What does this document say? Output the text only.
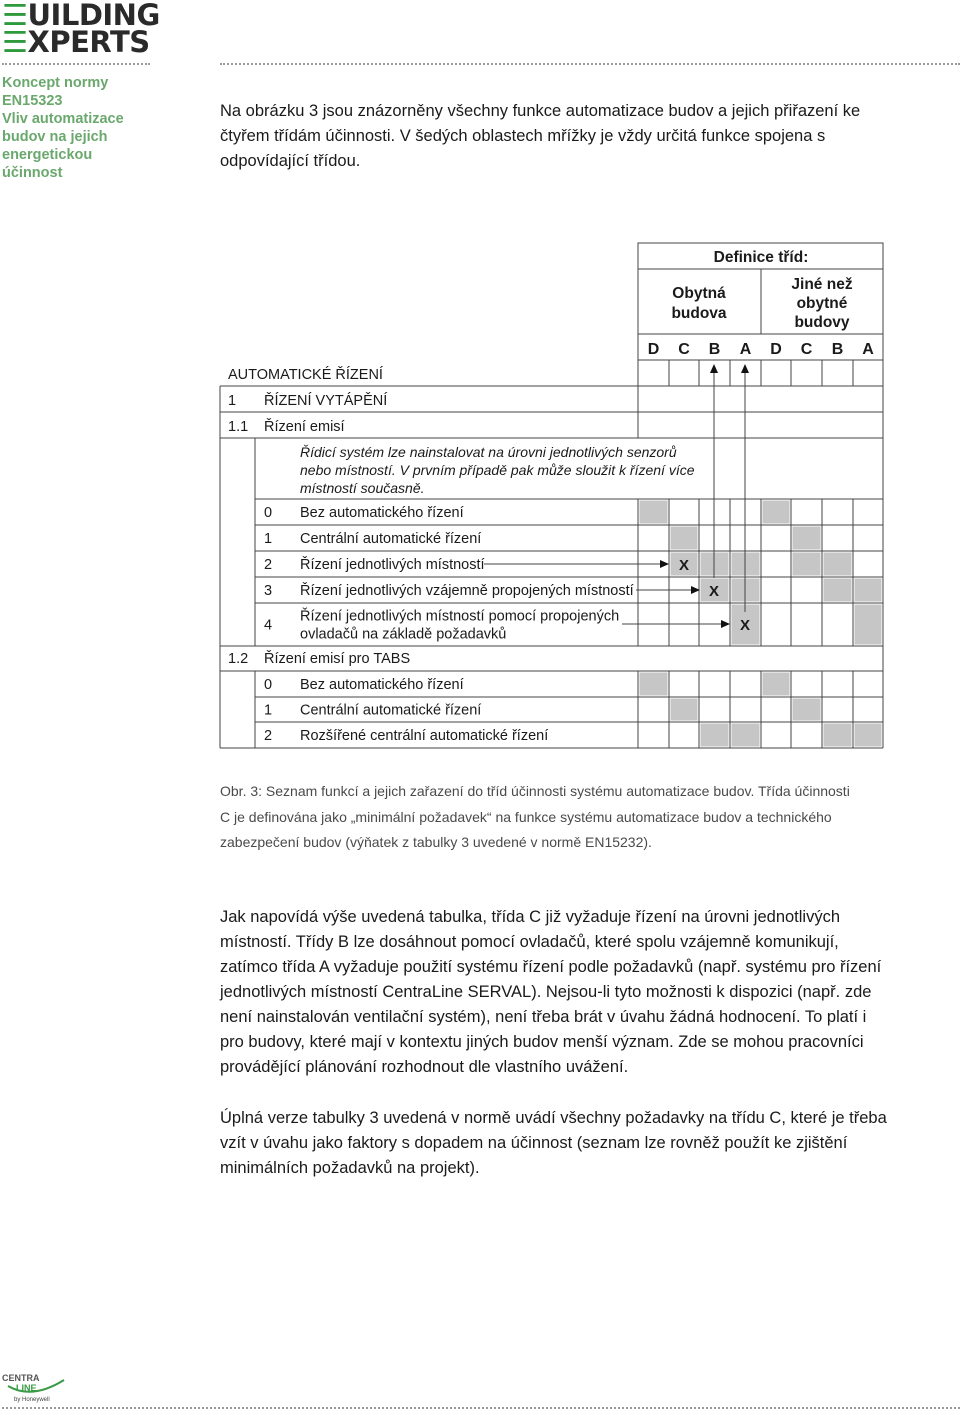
☰UILDING
☰XPERTS
Koncept normy
EN15323
Vliv automatizace
budov na jejich
energetickou
účinnost
Na obrázku 3 jsou znázorněny všechny funkce automatizace budov a jejich přiřazení ke
čtyřem třídám účinnosti. V šedých oblastech mřížky je vždy určitá funkce spojena s
odpovídající třídou.
Definice tříd:
Obytná
budova
Jiné než
obytné
budovy
D C B A D C B A
AUTOMATICKÉ ŘÍZENÍ
1 ŘÍZENÍ VYTÁPĚNÍ
1.1 Řízení emisí
Řídicí systém lze nainstalovat na úrovni jednotlivých senzorů
nebo místností. V prvním případě pak může sloužit k řízení více
místností současně.
1.2 Řízení emisí pro TABS
0 Bez automatického řízení
1 Centrální automatické řízení
2 Řízení jednotlivých místností
3 Řízení jednotlivých vzájemně propojených místností
4
Řízení jednotlivých místností pomocí propojených
ovladačů na základě požadavků
0 Bez automatického řízení
1 Centrální automatické řízení
2 Rozšířené centrální automatické řízení
X
X
X
Obr. 3: Seznam funkcí a jejich zařazení do tříd účinnosti systému automatizace budov. Třída účinnosti
C je definována jako „minimální požadavek“ na funkce systému automatizace budov a technického
zabezpečení budov (výňatek z tabulky 3 uvedené v normě EN15232).
Jak napovídá výše uvedená tabulka, třída C již vyžaduje řízení na úrovni jednotlivých
místností. Třídy B lze dosáhnout pomocí ovladačů, které spolu vzájemně komunikují,
zatímco třída A vyžaduje použití systému řízení podle požadavků (např. systému pro řízení
jednotlivých místností CentraLine SERVAL). Nejsou-li tyto možnosti k dispozici (např. zde
není nainstalován ventilační systém), není třeba brát v úvahu žádná hodnocení. To platí i
pro budovy, které mají v kontextu jiných budov menší význam. Zde se mohou pracovníci
provádějící plánování rozhodnout dle vlastního uvážení.
Úplná verze tabulky 3 uvedená v normě uvádí všechny požadavky na třídu C, které je třeba
vzít v úvahu jako faktory s dopadem na účinnost (seznam lze rovněž použít ke zjištění
minimálních požadavků na projekt).
CENTRA
LINE
by Honeywell
